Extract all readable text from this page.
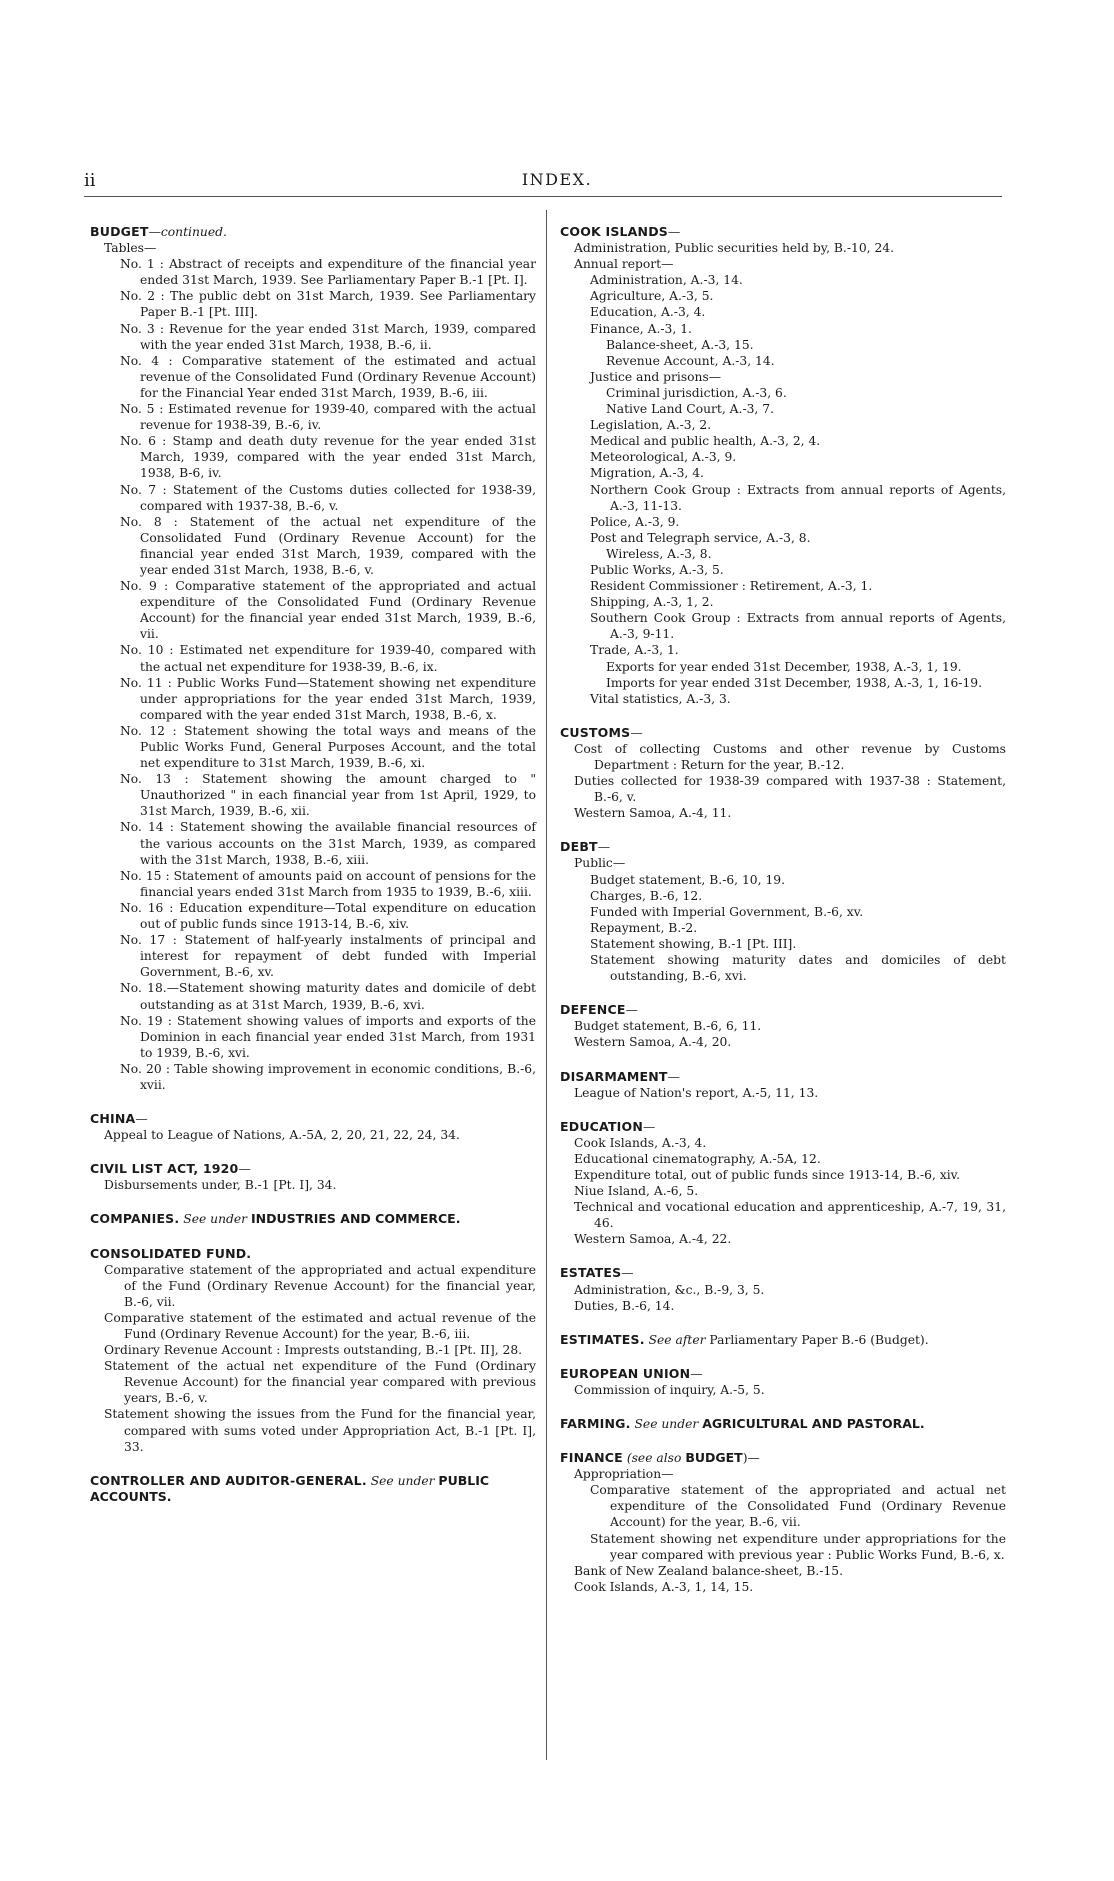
ii	INDEX.
BUDGET—continued.
Tables—
No. 1 : Abstract of receipts and expenditure of the financial year ended 31st March, 1939. See Parliamentary Paper B.-1 [Pt. I].
No. 2 : The public debt on 31st March, 1939. See Parliamentary Paper B.-1 [Pt. III].
No. 3 : Revenue for the year ended 31st March, 1939, compared with the year ended 31st March, 1938, B.-6, ii.
No. 4 : Comparative statement of the estimated and actual revenue of the Consolidated Fund (Ordinary Revenue Account) for the Financial Year ended 31st March, 1939, B.-6, iii.
No. 5 : Estimated revenue for 1939-40, compared with the actual revenue for 1938-39, B.-6, iv.
No. 6 : Stamp and death duty revenue for the year ended 31st March, 1939, compared with the year ended 31st March, 1938, B-6, iv.
No. 7 : Statement of the Customs duties collected for 1938-39, compared with 1937-38, B.-6, v.
No. 8 : Statement of the actual net expenditure of the Consolidated Fund (Ordinary Revenue Account) for the financial year ended 31st March, 1939, compared with the year ended 31st March, 1938, B.-6, v.
No. 9 : Comparative statement of the appropriated and actual expenditure of the Consolidated Fund (Ordinary Revenue Account) for the financial year ended 31st March, 1939, B.-6, vii.
No. 10 : Estimated net expenditure for 1939-40, compared with the actual net expenditure for 1938-39, B.-6, ix.
No. 11 : Public Works Fund—Statement showing net expenditure under appropriations for the year ended 31st March, 1939, compared with the year ended 31st March, 1938, B.-6, x.
No. 12 : Statement showing the total ways and means of the Public Works Fund, General Purposes Account, and the total net expenditure to 31st March, 1939, B.-6, xi.
No. 13 : Statement showing the amount charged to " Unauthorized " in each financial year from 1st April, 1929, to 31st March, 1939, B.-6, xii.
No. 14 : Statement showing the available financial resources of the various accounts on the 31st March, 1939, as compared with the 31st March, 1938, B.-6, xiii.
No. 15 : Statement of amounts paid on account of pensions for the financial years ended 31st March from 1935 to 1939, B.-6, xiii.
No. 16 : Education expenditure—Total expenditure on education out of public funds since 1913-14, B.-6, xiv.
No. 17 : Statement of half-yearly instalments of principal and interest for repayment of debt funded with Imperial Government, B.-6, xv.
No. 18.—Statement showing maturity dates and domicile of debt outstanding as at 31st March, 1939, B.-6, xvi.
No. 19 : Statement showing values of imports and exports of the Dominion in each financial year ended 31st March, from 1931 to 1939, B.-6, xvi.
No. 20 : Table showing improvement in economic conditions, B.-6, xvii.
CHINA—
Appeal to League of Nations, A.-5A, 2, 20, 21, 22, 24, 34.
CIVIL LIST ACT, 1920—
Disbursements under, B.-1 [Pt. I], 34.
COMPANIES. See under INDUSTRIES AND COMMERCE.
CONSOLIDATED FUND.
Comparative statement of the appropriated and actual expenditure of the Fund (Ordinary Revenue Account) for the financial year, B.-6, vii.
Comparative statement of the estimated and actual revenue of the Fund (Ordinary Revenue Account) for the year, B.-6, iii.
Ordinary Revenue Account : Imprests outstanding, B.-1 [Pt. II], 28.
Statement of the actual net expenditure of the Fund (Ordinary Revenue Account) for the financial year compared with previous years, B.-6, v.
Statement showing the issues from the Fund for the financial year, compared with sums voted under Appropriation Act, B.-1 [Pt. I], 33.
CONTROLLER AND AUDITOR-GENERAL. See under PUBLIC ACCOUNTS.
COOK ISLANDS—
Administration, Public securities held by, B.-10, 24.
Annual report—
Administration, A.-3, 14.
Agriculture, A.-3, 5.
Education, A.-3, 4.
Finance, A.-3, 1.
Balance-sheet, A.-3, 15.
Revenue Account, A.-3, 14.
Justice and prisons—
Criminal jurisdiction, A.-3, 6.
Native Land Court, A.-3, 7.
Legislation, A.-3, 2.
Medical and public health, A.-3, 2, 4.
Meteorological, A.-3, 9.
Migration, A.-3, 4.
Northern Cook Group : Extracts from annual reports of Agents, A.-3, 11-13.
Police, A.-3, 9.
Post and Telegraph service, A.-3, 8.
Wireless, A.-3, 8.
Public Works, A.-3, 5.
Resident Commissioner : Retirement, A.-3, 1.
Shipping, A.-3, 1, 2.
Southern Cook Group : Extracts from annual reports of Agents, A.-3, 9-11.
Trade, A.-3, 1.
Exports for year ended 31st December, 1938, A.-3, 1, 19.
Imports for year ended 31st December, 1938, A.-3, 1, 16-19.
Vital statistics, A.-3, 3.
CUSTOMS—
Cost of collecting Customs and other revenue by Customs Department : Return for the year, B.-12.
Duties collected for 1938-39 compared with 1937-38 : Statement, B.-6, v.
Western Samoa, A.-4, 11.
DEBT—
Public—
Budget statement, B.-6, 10, 19.
Charges, B.-6, 12.
Funded with Imperial Government, B.-6, xv.
Repayment, B.-2.
Statement showing, B.-1 [Pt. III].
Statement showing maturity dates and domiciles of debt outstanding, B.-6, xvi.
DEFENCE—
Budget statement, B.-6, 6, 11.
Western Samoa, A.-4, 20.
DISARMAMENT—
League of Nation's report, A.-5, 11, 13.
EDUCATION—
Cook Islands, A.-3, 4.
Educational cinematography, A.-5A, 12.
Expenditure total, out of public funds since 1913-14, B.-6, xiv.
Niue Island, A.-6, 5.
Technical and vocational education and apprenticeship, A.-7, 19, 31, 46.
Western Samoa, A.-4, 22.
ESTATES—
Administration, &c., B.-9, 3, 5.
Duties, B.-6, 14.
ESTIMATES. See after Parliamentary Paper B.-6 (Budget).
EUROPEAN UNION—
Commission of inquiry, A.-5, 5.
FARMING. See under AGRICULTURAL AND PASTORAL.
FINANCE (see also BUDGET)—
Appropriation—
Comparative statement of the appropriated and actual net expenditure of the Consolidated Fund (Ordinary Revenue Account) for the year, B.-6, vii.
Statement showing net expenditure under appropriations for the year compared with previous year : Public Works Fund, B.-6, x.
Bank of New Zealand balance-sheet, B.-15.
Cook Islands, A.-3, 1, 14, 15.
